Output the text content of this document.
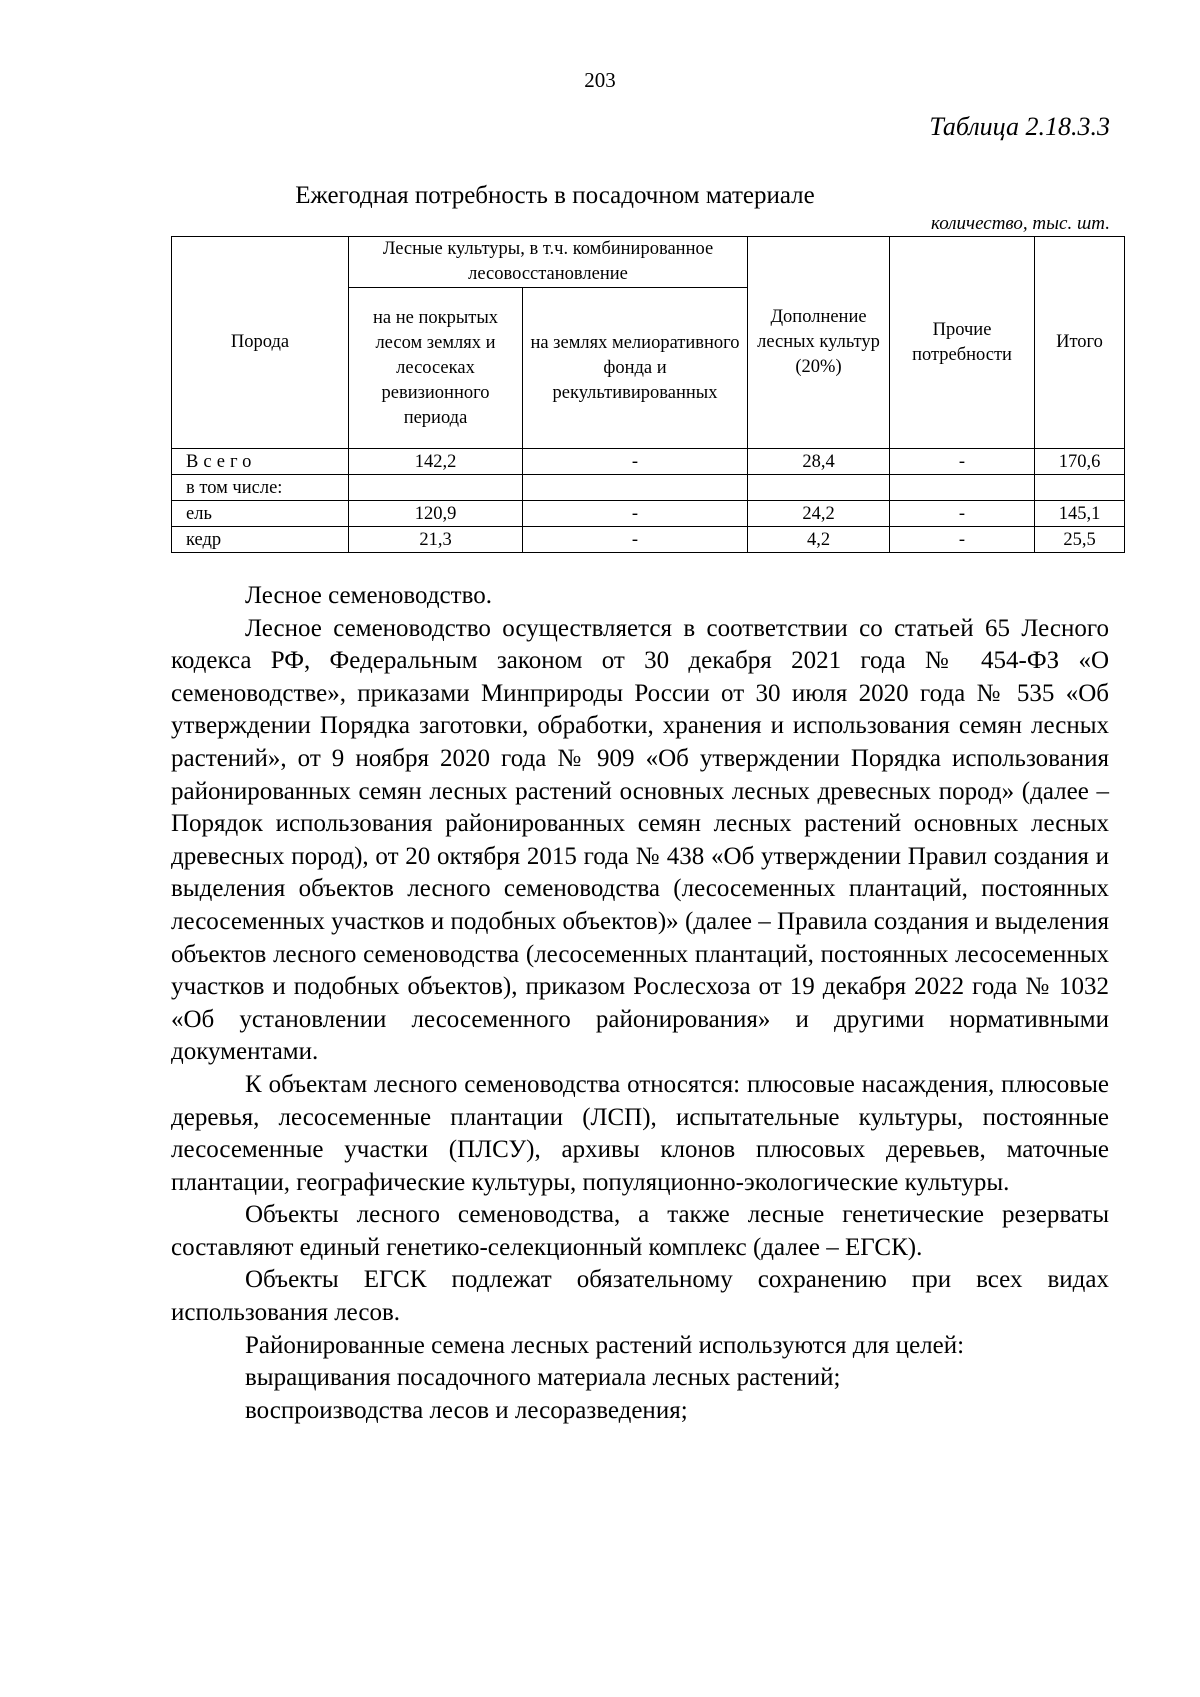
203
Таблица 2.18.3.3
Ежегодная потребность в посадочном материале
количество, тыс. шт.
Порода	Лесные культуры, в т.ч. комбинированное лесовосстановление		Дополнение лесных культур (20%)	Прочие потребности	Итого
	на не покрытых лесом землях и лесосеках ревизионного периода	на землях мелиоративного фонда и рекультивированных			
Всего	142,2	-	28,4	-	170,6
в том числе:					
ель	120,9	-	24,2	-	145,1
кедр	21,3	-	4,2	-	25,5

Лесное семеноводство.

Лесное семеноводство осуществляется в соответствии со статьей 65 Лесного кодекса РФ, Федеральным законом от 30 декабря 2021 года № 454-ФЗ «О семеноводстве», приказами Минприроды России от 30 июля 2020 года № 535 «Об утверждении Порядка заготовки, обработки, хранения и использования семян лесных растений», от 9 ноября 2020 года № 909 «Об утверждении Порядка использования районированных семян лесных растений основных лесных древесных пород» (далее – Порядок использования районированных семян лесных растений основных лесных древесных пород), от 20 октября 2015 года № 438 «Об утверждении Правил создания и выделения объектов лесного семеноводства (лесосеменных плантаций, постоянных лесосеменных участков и подобных объектов)» (далее – Правила создания и выделения объектов лесного семеноводства (лесосеменных плантаций, постоянных лесосеменных участков и подобных объектов), приказом Рослесхоза от 19 декабря 2022 года № 1032 «Об установлении лесосеменного районирования» и другими нормативными документами.

К объектам лесного семеноводства относятся: плюсовые насаждения, плюсовые деревья, лесосеменные плантации (ЛСП), испытательные культуры, постоянные лесосеменные участки (ПЛСУ), архивы клонов плюсовых деревьев, маточные плантации, географические культуры, популяционно-экологические культуры.

Объекты лесного семеноводства, а также лесные генетические резерваты составляют единый генетико-селекционный комплекс (далее – ЕГСК).

Объекты ЕГСК подлежат обязательному сохранению при всех видах использования лесов.

Районированные семена лесных растений используются для целей:

выращивания посадочного материала лесных растений;

воспроизводства лесов и лесоразведения;
